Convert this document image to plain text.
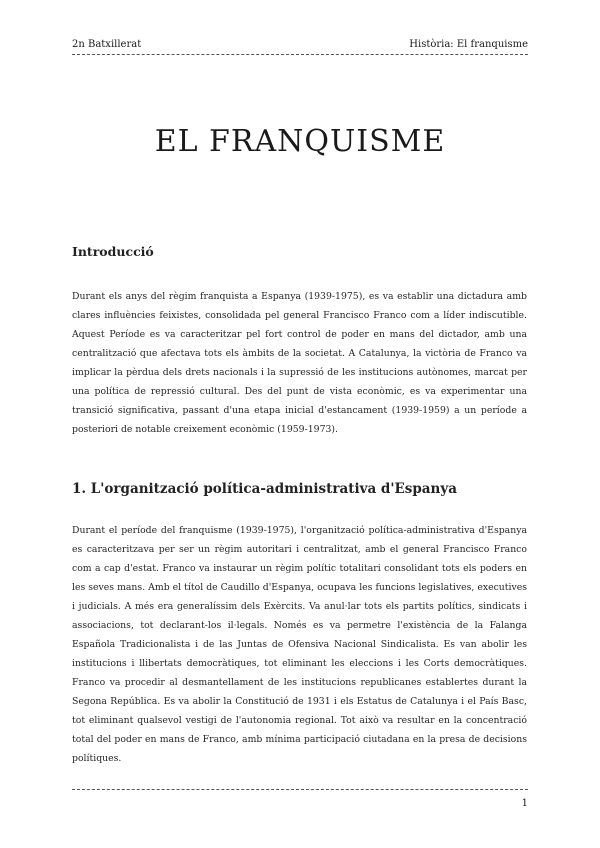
2n Batxillerat	Història: El franquisme
EL FRANQUISME
Introducció

Durant els anys del règim franquista a Espanya (1939-1975), es va establir una dictadura amb clares influències feixistes, consolidada pel general Francisco Franco com a líder indiscutible. Aquest Període es va caracteritzar pel fort control de poder en mans del dictador, amb una centralització que afectava tots els àmbits de la societat. A Catalunya, la victòria de Franco va implicar la pèrdua dels drets nacionals i la supressió de les institucions autònomes, marcat per una política de repressió cultural. Des del punt de vista econòmic, es va experimentar una transició significativa, passant d'una etapa inicial d'estancament (1939-1959) a un període a posteriori de notable creixement econòmic (1959-1973).

1. L'organització política-administrativa d'Espanya

Durant el període del franquisme (1939-1975), l'organització política-administrativa d'Espanya es caracteritzava per ser un règim autoritari i centralitzat, amb el general Francisco Franco com a cap d'estat. Franco va instaurar un règim polític totalitari consolidant tots els poders en les seves mans. Amb el títol de Caudillo d'Espanya, ocupava les funcions legislatives, executives i judicials. A més era generalíssim dels Exèrcits. Va anul·lar tots els partits polítics, sindicats i associacions, tot declarant-los il·legals. Només es va permetre l'existència de la Falanga Española Tradicionalista i de las Juntas de Ofensiva Nacional Sindicalista. Es van abolir les institucions i llibertats democràtiques, tot eliminant les eleccions i les Corts democràtiques. Franco va procedir al desmantellament de les institucions republicanes establertes durant la Segona República. Es va abolir la Constitució de 1931 i els Estatus de Catalunya i el País Basc, tot eliminant qualsevol vestigi de l'autonomia regional. Tot això va resultar en la concentració total del poder en mans de Franco, amb mínima participació ciutadana en la presa de decisions polítiques.

1
